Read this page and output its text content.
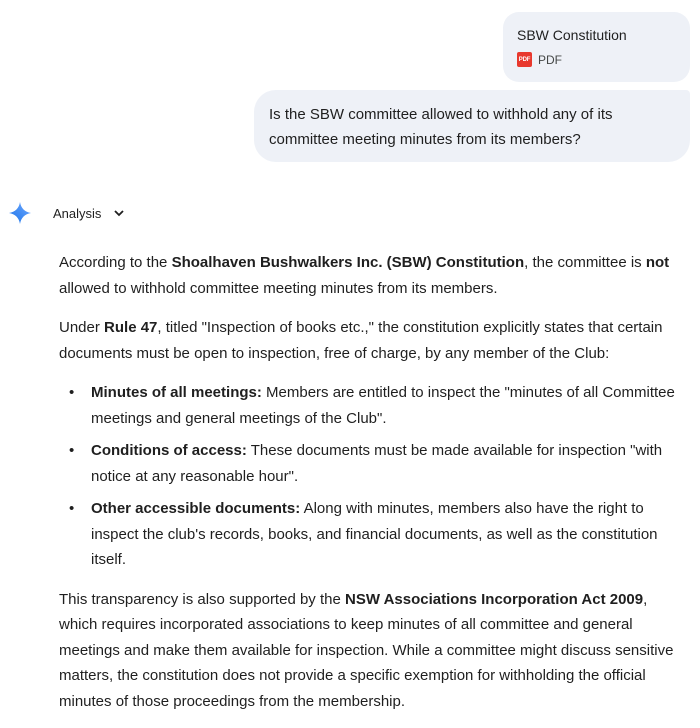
SBW Constitution
PDF PDF
Is the SBW committee allowed to withhold any of its committee meeting minutes from its members?
Analysis

According to the Shoalhaven Bushwalkers Inc. (SBW) Constitution, the committee is not allowed to withhold committee meeting minutes from its members.

Under Rule 47, titled "Inspection of books etc.," the constitution explicitly states that certain documents must be open to inspection, free of charge, by any member of the Club:

• Minutes of all meetings: Members are entitled to inspect the "minutes of all Committee meetings and general meetings of the Club".
• Conditions of access: These documents must be made available for inspection "with notice at any reasonable hour".
• Other accessible documents: Along with minutes, members also have the right to inspect the club's records, books, and financial documents, as well as the constitution itself.

This transparency is also supported by the NSW Associations Incorporation Act 2009, which requires incorporated associations to keep minutes of all committee and general meetings and make them available for inspection. While a committee might discuss sensitive matters, the constitution does not provide a specific exemption for withholding the official minutes of those proceedings from the membership.
